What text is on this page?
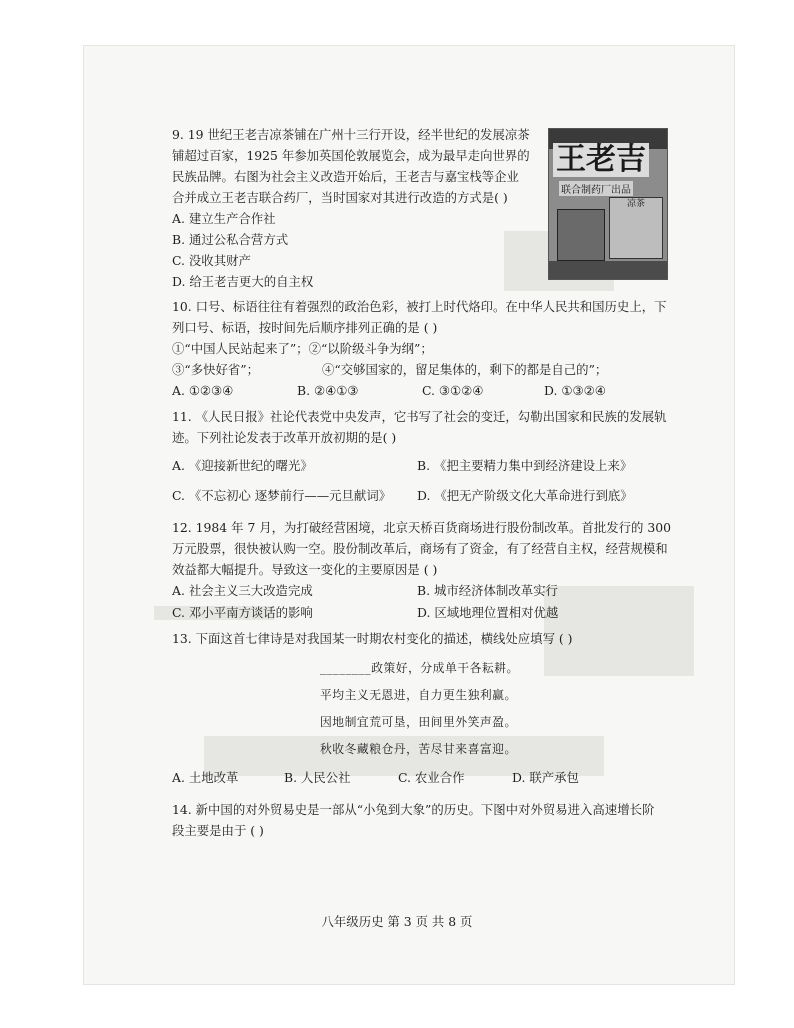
王老吉
联合制药厂出品
凉茶
9. 19 世纪王老吉凉茶铺在广州十三行开设，经半世纪的发展凉茶
铺超过百家，1925 年参加英国伦敦展览会，成为最早走向世界的
民族品牌。右图为社会主义改造开始后，王老吉与嘉宝栈等企业
合并成立王老吉联合药厂，当时国家对其进行改造的方式是( )
A. 建立生产合作社
B. 通过公私合营方式
C. 没收其财产
D. 给王老吉更大的自主权
10. 口号、标语往往有着强烈的政治色彩，被打上时代烙印。在中华人民共和国历史上，下
列口号、标语，按时间先后顺序排列正确的是 ( )
①“中国人民站起来了”；②“以阶级斗争为纲”；
③“多快好省”；                ④“交够国家的，留足集体的，剩下的都是自己的”；
A. ①②③④	B. ②④①③	C. ③①②④	D. ①③②④
11. 《人民日报》社论代表党中央发声，它书写了社会的变迁，勾勒出国家和民族的发展轨
迹。下列社论发表于改革开放初期的是( )
A. 《迎接新世纪的曙光》	B. 《把主要精力集中到经济建设上来》
C. 《不忘初心 逐梦前行——元旦献词》	D. 《把无产阶级文化大革命进行到底》
12. 1984 年 7 月，为打破经营困境，北京天桥百货商场进行股份制改革。首批发行的 300
万元股票，很快被认购一空。股份制改革后，商场有了资金，有了经营自主权，经营规模和
效益都大幅提升。导致这一变化的主要原因是 ( )
A. 社会主义三大改造完成	B. 城市经济体制改革实行
C. 邓小平南方谈话的影响	D. 区域地理位置相对优越
13. 下面这首七律诗是对我国某一时期农村变化的描述，横线处应填写 ( )
________政策好，分成单干各耘耕。
平均主义无恩进，自力更生独利赢。
因地制宜荒可垦，田间里外笑声盈。
秋收冬藏粮仓丹，苦尽甘来喜富迎。
A. 土地改革	B. 人民公社	C. 农业合作	D. 联产承包
14. 新中国的对外贸易史是一部从“小兔到大象”的历史。下图中对外贸易进入高速增长阶
段主要是由于 ( )
八年级历史 第 3 页 共 8 页
